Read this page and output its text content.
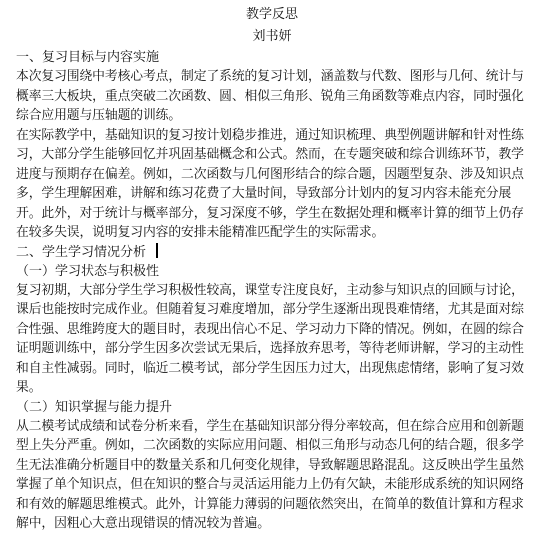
教学反思

刘书妍

一、复习目标与内容实施

本次复习围绕中考核心考点，制定了系统的复习计划，涵盖数与代数、图形与几何、统计与概率三大板块，重点突破二次函数、圆、相似三角形、锐角三角函数等难点内容，同时强化综合应用题与压轴题的训练。

在实际教学中，基础知识的复习按计划稳步推进，通过知识梳理、典型例题讲解和针对性练习，大部分学生能够回忆并巩固基础概念和公式。然而，在专题突破和综合训练环节，教学进度与预期存在偏差。例如，二次函数与几何图形结合的综合题，因题型复杂、涉及知识点多，学生理解困难，讲解和练习花费了大量时间，导致部分计划内的复习内容未能充分展开。此外，对于统计与概率部分，复习深度不够，学生在数据处理和概率计算的细节上仍存在较多失误，说明复习内容的安排未能精准匹配学生的实际需求。

二、学生学习情况分析

（一）学习状态与积极性

复习初期，大部分学生学习积极性较高，课堂专注度良好，主动参与知识点的回顾与讨论，课后也能按时完成作业。但随着复习难度增加，部分学生逐渐出现畏难情绪，尤其是面对综合性强、思维跨度大的题目时，表现出信心不足、学习动力下降的情况。例如，在圆的综合证明题训练中，部分学生因多次尝试无果后，选择放弃思考，等待老师讲解，学习的主动性和自主性减弱。同时，临近二模考试，部分学生因压力过大，出现焦虑情绪，影响了复习效果。

（二）知识掌握与能力提升

从二模考试成绩和试卷分析来看，学生在基础知识部分得分率较高，但在综合应用和创新题型上失分严重。例如，二次函数的实际应用问题、相似三角形与动态几何的结合题，很多学生无法准确分析题目中的数量关系和几何变化规律，导致解题思路混乱。这反映出学生虽然掌握了单个知识点，但在知识的整合与灵活运用能力上仍有欠缺，未能形成系统的知识网络和有效的解题思维模式。此外，计算能力薄弱的问题依然突出，在简单的数值计算和方程求解中，因粗心大意出现错误的情况较为普遍。
